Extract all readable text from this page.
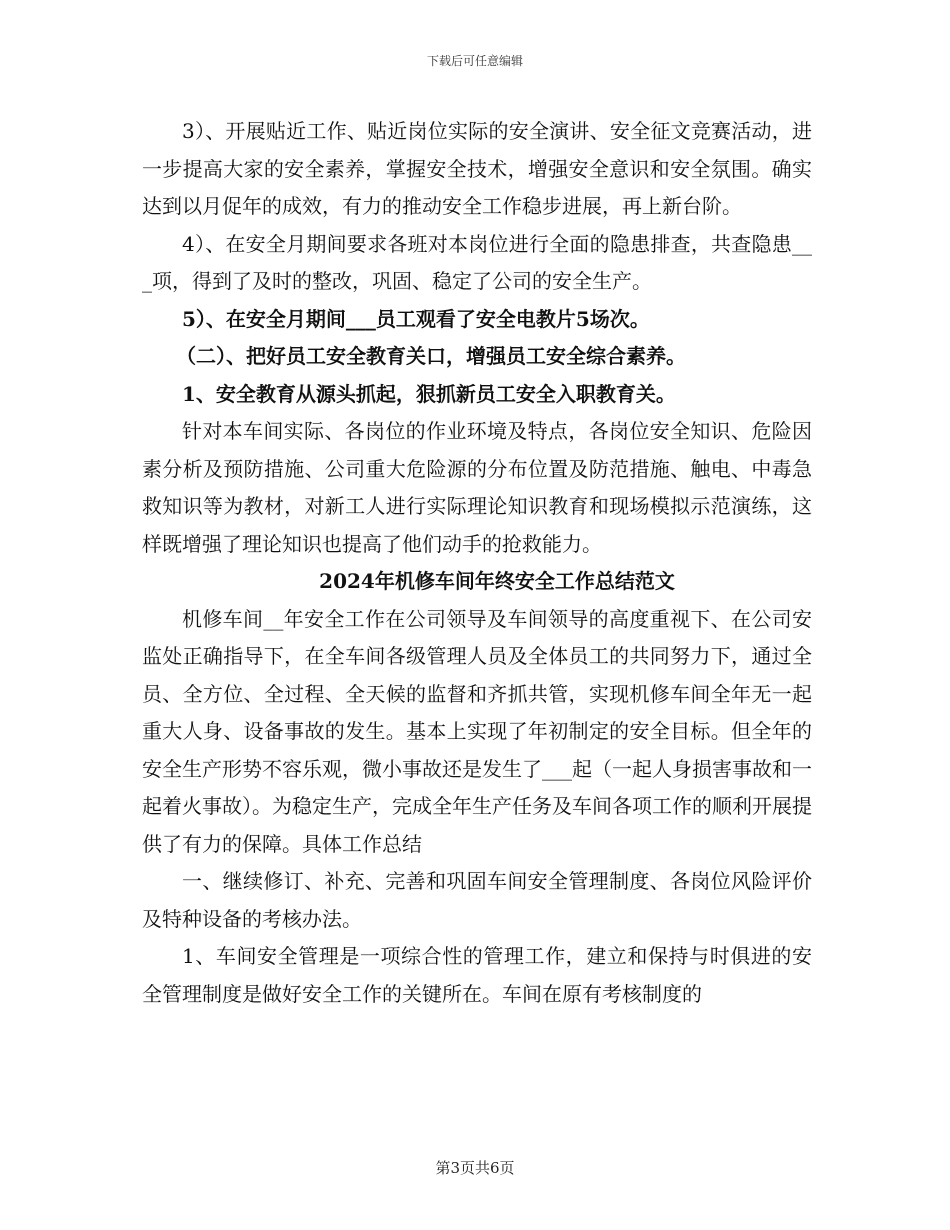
下载后可任意编辑

3）、开展贴近工作、贴近岗位实际的安全演讲、安全征文竞赛活动，进一步提高大家的安全素养，掌握安全技术，增强安全意识和安全氛围。确实达到以月促年的成效，有力的推动安全工作稳步进展，再上新台阶。

4）、在安全月期间要求各班对本岗位进行全面的隐患排查，共查隐患___项，得到了及时的整改，巩固、稳定了公司的安全生产。

5）、在安全月期间___员工观看了安全电教片5场次。

（二）、把好员工安全教育关口，增强员工安全综合素养。

1、安全教育从源头抓起，狠抓新员工安全入职教育关。

针对本车间实际、各岗位的作业环境及特点，各岗位安全知识、危险因素分析及预防措施、公司重大危险源的分布位置及防范措施、触电、中毒急救知识等为教材，对新工人进行实际理论知识教育和现场模拟示范演练，这样既增强了理论知识也提高了他们动手的抢救能力。

2024年机修车间年终安全工作总结范文

机修车间__年安全工作在公司领导及车间领导的高度重视下、在公司安监处正确指导下，在全车间各级管理人员及全体员工的共同努力下，通过全员、全方位、全过程、全天候的监督和齐抓共管，实现机修车间全年无一起重大人身、设备事故的发生。基本上实现了年初制定的安全目标。但全年的安全生产形势不容乐观，微小事故还是发生了___起（一起人身损害事故和一起着火事故）。为稳定生产，完成全年生产任务及车间各项工作的顺利开展提供了有力的保障。具体工作总结

一、继续修订、补充、完善和巩固车间安全管理制度、各岗位风险评价及特种设备的考核办法。

1、车间安全管理是一项综合性的管理工作，建立和保持与时俱进的安全管理制度是做好安全工作的关键所在。车间在原有考核制度的

第3页共6页
